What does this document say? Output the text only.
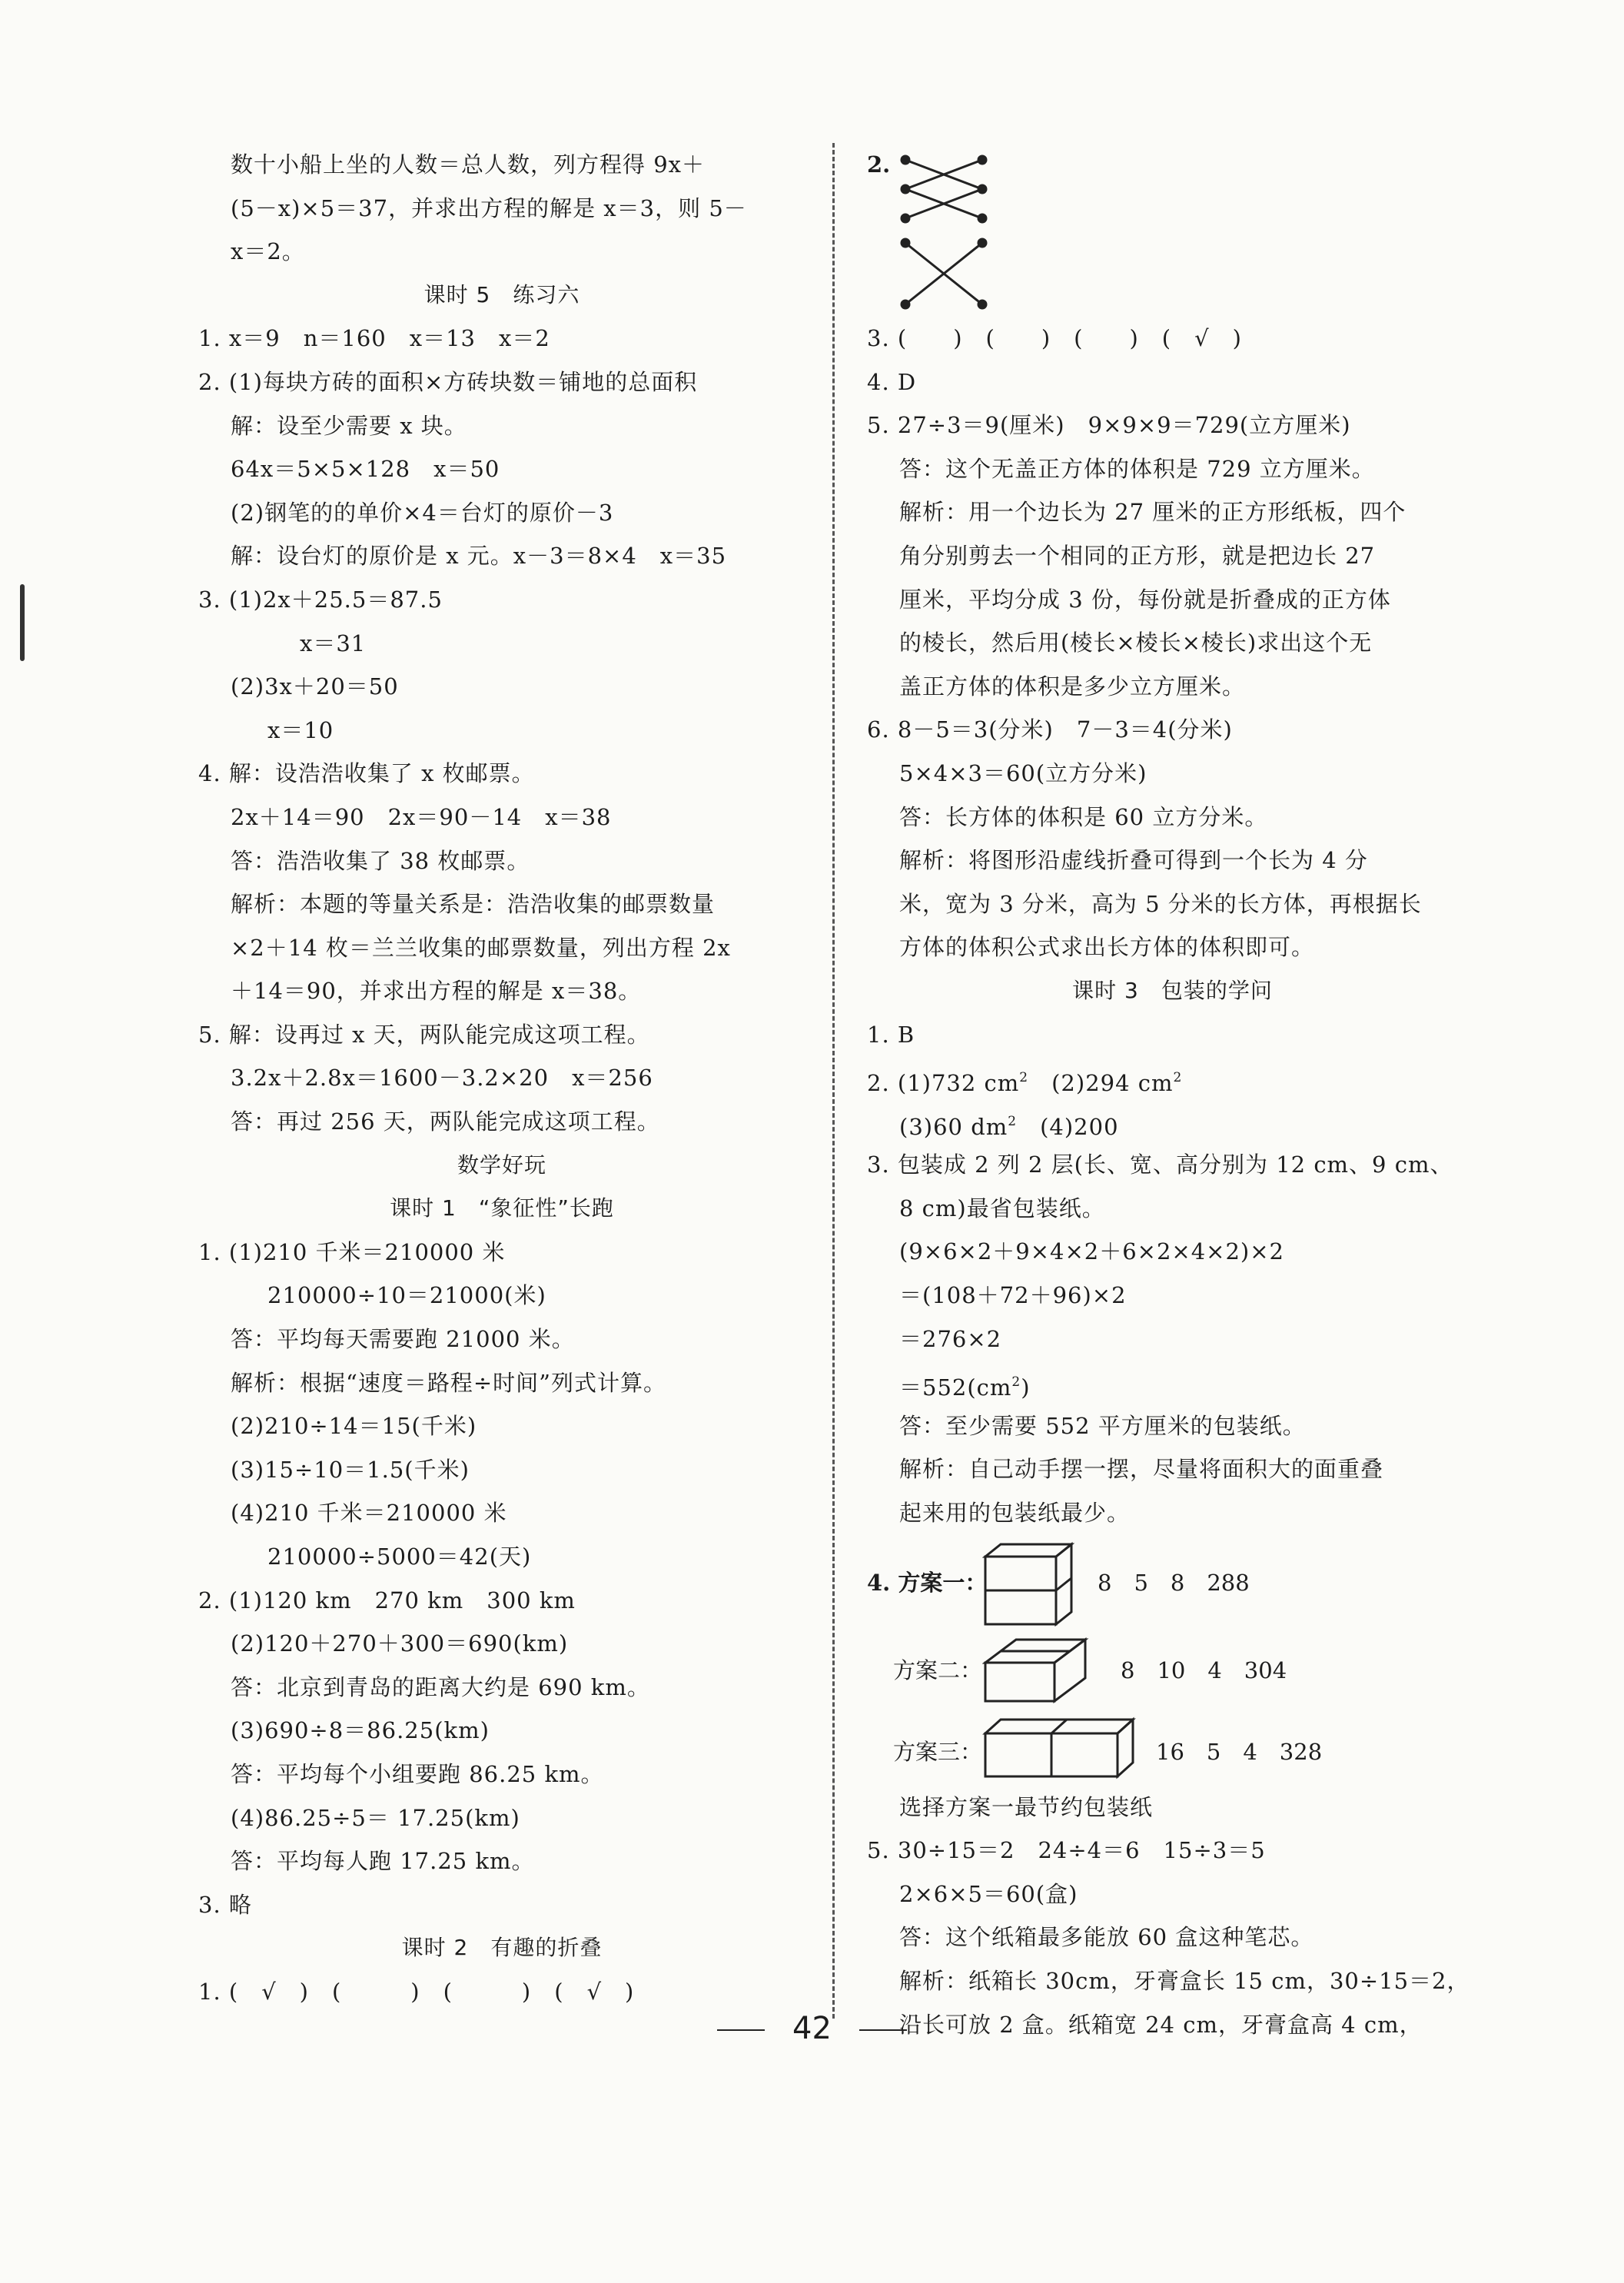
数十小船上坐的人数＝总人数，列方程得 9x＋
(5－x)×5＝37，并求出方程的解是 x＝3，则 5－
x＝2。
课时 5　练习六
1. x＝9　n＝160　x＝13　x＝2
2. (1)每块方砖的面积×方砖块数＝铺地的总面积
解：设至少需要 x 块。
64x＝5×5×128　x＝50
(2)钢笔的的单价×4＝台灯的原价－3
解：设台灯的原价是 x 元。x－3＝8×4　x＝35
3. (1)2x＋25.5＝87.5
x＝31
(2)3x＋20＝50
x＝10
4. 解：设浩浩收集了 x 枚邮票。
2x＋14＝90　2x＝90－14　x＝38
答：浩浩收集了 38 枚邮票。
解析：本题的等量关系是：浩浩收集的邮票数量
×2＋14 枚＝兰兰收集的邮票数量，列出方程 2x
＋14＝90，并求出方程的解是 x＝38。
5. 解：设再过 x 天，两队能完成这项工程。
3.2x＋2.8x＝1600－3.2×20　x＝256
答：再过 256 天，两队能完成这项工程。
数学好玩
课时 1　“象征性”长跑
1. (1)210 千米＝210000 米
210000÷10＝21000(米)
答：平均每天需要跑 21000 米。
解析：根据“速度＝路程÷时间”列式计算。
(2)210÷14＝15(千米)
(3)15÷10＝1.5(千米)
(4)210 千米＝210000 米
210000÷5000＝42(天)
2. (1)120 km　270 km　300 km
(2)120＋270＋300＝690(km)
答：北京到青岛的距离大约是 690 km。
(3)690÷8＝86.25(km)
答：平均每个小组要跑 86.25 km。
(4)86.25÷5＝ 17.25(km)
答：平均每人跑 17.25 km。
3. 略
课时 2　有趣的折叠
1. (　√　)　(　　　)　(　　　)　(　√　)
2.
3. (　　)　(　　)　(　　)　(　√　)
4. D
5. 27÷3＝9(厘米)　9×9×9＝729(立方厘米)
答：这个无盖正方体的体积是 729 立方厘米。
解析：用一个边长为 27 厘米的正方形纸板，四个
角分别剪去一个相同的正方形，就是把边长 27
厘米，平均分成 3 份，每份就是折叠成的正方体
的棱长，然后用(棱长×棱长×棱长)求出这个无
盖正方体的体积是多少立方厘米。
6. 8－5＝3(分米)　7－3＝4(分米)
5×4×3＝60(立方分米)
答：长方体的体积是 60 立方分米。
解析：将图形沿虚线折叠可得到一个长为 4 分
米，宽为 3 分米，高为 5 分米的长方体，再根据长
方体的体积公式求出长方体的体积即可。
课时 3　包装的学问
1. B
2. (1)732 $cm^2$　(2)294 $cm^2$
(3)60 $dm^2$　(4)200
3. 包装成 2 列 2 层(长、宽、高分别为 12 cm、9 cm、
8 cm)最省包装纸。
(9×6×2＋9×4×2＋6×2×4×2)×2
＝(108＋72＋96)×2
＝276×2
$=552(cm^2)$
答：至少需要 552 平方厘米的包装纸。
解析：自己动手摆一摆，尽量将面积大的面重叠
起来用的包装纸最少。
4. 方案一：	8　5　8　288
方案二：	8　10　4　304
方案三：	16　5　4　328
选择方案一最节约包装纸
5. 30÷15＝2　24÷4＝6　15÷3＝5
2×6×5＝60(盒)
答：这个纸箱最多能放 60 盒这种笔芯。
解析：纸箱长 30cm，牙膏盒长 15 cm，30÷15＝2，
沿长可放 2 盒。纸箱宽 24 cm，牙膏盒高 4 cm，
42
